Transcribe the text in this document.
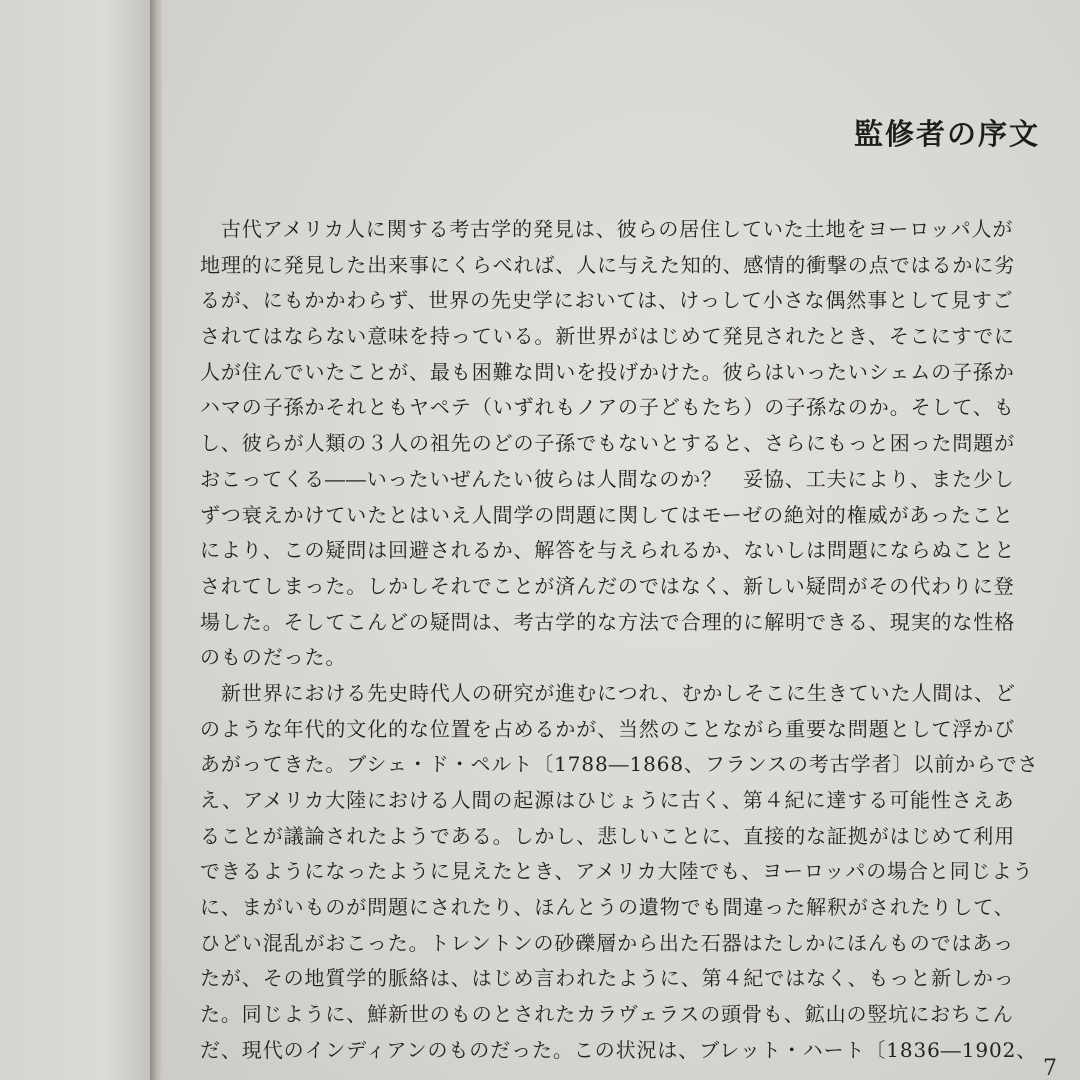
監修者の序文
　古代アメリカ人に関する考古学的発見は、彼らの居住していた土地をヨーロッパ人が
地理的に発見した出来事にくらべれば、人に与えた知的、感情的衝撃の点ではるかに劣
るが、にもかかわらず、世界の先史学においては、けっして小さな偶然事として見すご
されてはならない意味を持っている。新世界がはじめて発見されたとき、そこにすでに
人が住んでいたことが、最も困難な問いを投げかけた。彼らはいったいシェムの子孫か
ハマの子孫かそれともヤペテ（いずれもノアの子どもたち）の子孫なのか。そして、も
し、彼らが人類の３人の祖先のどの子孫でもないとすると、さらにもっと困った問題が
おこってくる――いったいぜんたい彼らは人間なのか？　妥協、工夫により、また少し
ずつ衰えかけていたとはいえ人間学の問題に関してはモーゼの絶対的権威があったこと
により、この疑問は回避されるか、解答を与えられるか、ないしは問題にならぬことと
されてしまった。しかしそれでことが済んだのではなく、新しい疑問がその代わりに登
場した。そしてこんどの疑問は、考古学的な方法で合理的に解明できる、現実的な性格
のものだった。
　新世界における先史時代人の研究が進むにつれ、むかしそこに生きていた人間は、ど
のような年代的文化的な位置を占めるかが、当然のことながら重要な問題として浮かび
あがってきた。ブシェ・ド・ペルト〔1788―1868、フランスの考古学者〕以前からでさ
え、アメリカ大陸における人間の起源はひじょうに古く、第４紀に達する可能性さえあ
ることが議論されたようである。しかし、悲しいことに、直接的な証拠がはじめて利用
できるようになったように見えたとき、アメリカ大陸でも、ヨーロッパの場合と同じよう
に、まがいものが問題にされたり、ほんとうの遺物でも間違った解釈がされたりして、
ひどい混乱がおこった。トレントンの砂礫層から出た石器はたしかにほんものではあっ
たが、その地質学的脈絡は、はじめ言われたように、第４紀ではなく、もっと新しかっ
た。同じように、鮮新世のものとされたカラヴェラスの頭骨も、鉱山の竪坑におちこん
だ、現代のインディアンのものだった。この状況は、ブレット・ハート〔1836―1902、
7
